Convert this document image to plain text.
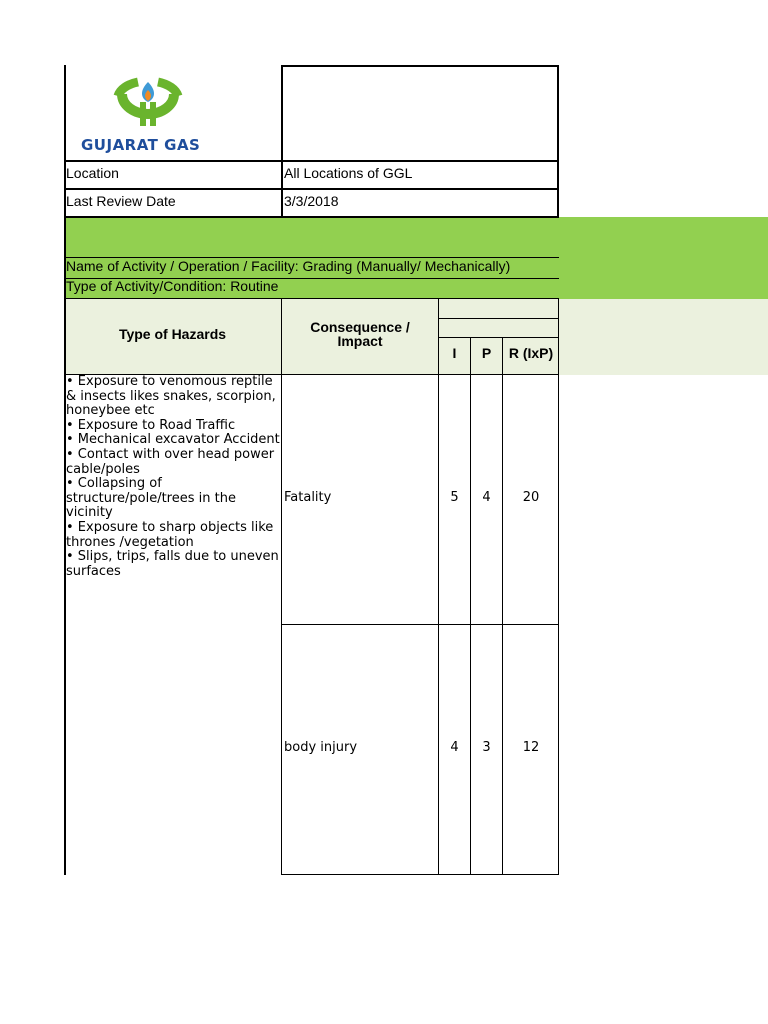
GUJARAT GAS
Location	All Locations of GGL
Last Review Date	3/3/2018
Name of Activity / Operation / Facility: Grading (Manually/ Mechanically)
Type of Activity/Condition: Routine
Type of Hazards	Consequence /
Impact
I	P	R (IxP)
• Exposure to venomous reptile & insects likes snakes, scorpion, honeybee etc
• Exposure to Road Traffic
• Mechanical excavator Accident
• Contact with over head power cable/poles
• Collapsing of structure/pole/trees in the vicinity
• Exposure to sharp objects like thrones /vegetation
• Slips, trips, falls due to uneven surfaces
Fatality	5	4	20
body injury	4	3	12
